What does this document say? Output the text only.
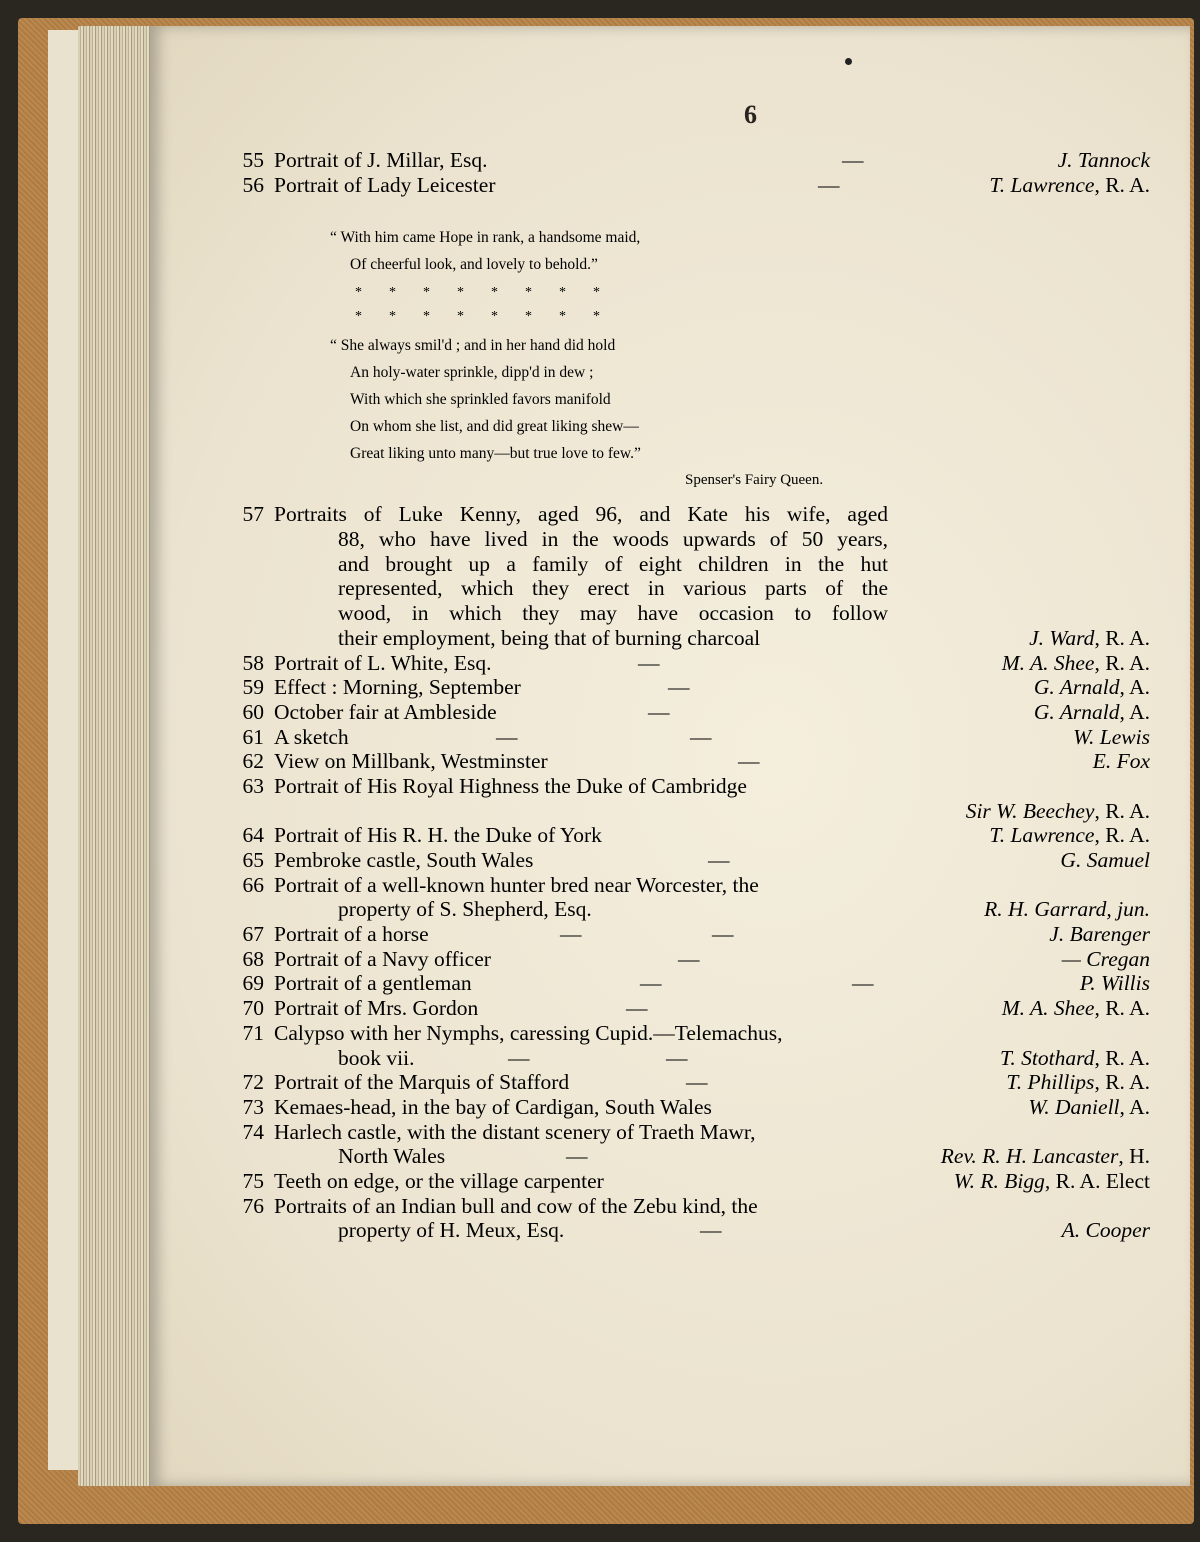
6
55 Portrait of J. Millar, Esq.	—	J. Tannock
56 Portrait of Lady Leicester	—	T. Lawrence, R. A.
“ With him came Hope in rank, a handsome maid,
Of cheerful look, and lovely to behold.”
* * * * * * * *
* * * * * * * *
“ She always smil'd ; and in her hand did hold
An holy-water sprinkle, dipp'd in dew ;
With which she sprinkled favors manifold
On whom she list, and did great liking shew—
Great liking unto many—but true love to few.”
Spenser's Fairy Queen.
57 Portraits of Luke Kenny, aged 96, and Kate his wife, aged
88, who have lived in the woods upwards of 50 years,
and brought up a family of eight children in the hut
represented, which they erect in various parts of the
wood, in which they may have occasion to follow
their employment, being that of burning charcoal	J. Ward, R. A.
58 Portrait of L. White, Esq.	—	M. A. Shee, R. A.
59 Effect : Morning, September	—	G. Arnald, A.
60 October fair at Ambleside	—	G. Arnald, A.
61 A sketch	—	—	W. Lewis
62 View on Millbank, Westminster	—	E. Fox
63 Portrait of His Royal Highness the Duke of Cambridge
Sir W. Beechey, R. A.
64 Portrait of His R. H. the Duke of York	T. Lawrence, R. A.
65 Pembroke castle, South Wales	—	G. Samuel
66 Portrait of a well-known hunter bred near Worcester, the
property of S. Shepherd, Esq.	R. H. Garrard, jun.
67 Portrait of a horse	—	—	J. Barenger
68 Portrait of a Navy officer	—	— Cregan
69 Portrait of a gentleman	—	—	P. Willis
70 Portrait of Mrs. Gordon	—	M. A. Shee, R. A.
71 Calypso with her Nymphs, caressing Cupid.—Telemachus,
book vii.	—	—	T. Stothard, R. A.
72 Portrait of the Marquis of Stafford	—	T. Phillips, R. A.
73 Kemaes-head, in the bay of Cardigan, South Wales	W. Daniell, A.
74 Harlech castle, with the distant scenery of Traeth Mawr,
North Wales	—	Rev. R. H. Lancaster, H.
75 Teeth on edge, or the village carpenter	W. R. Bigg, R. A. Elect
76 Portraits of an Indian bull and cow of the Zebu kind, the
property of H. Meux, Esq.	—	A. Cooper
